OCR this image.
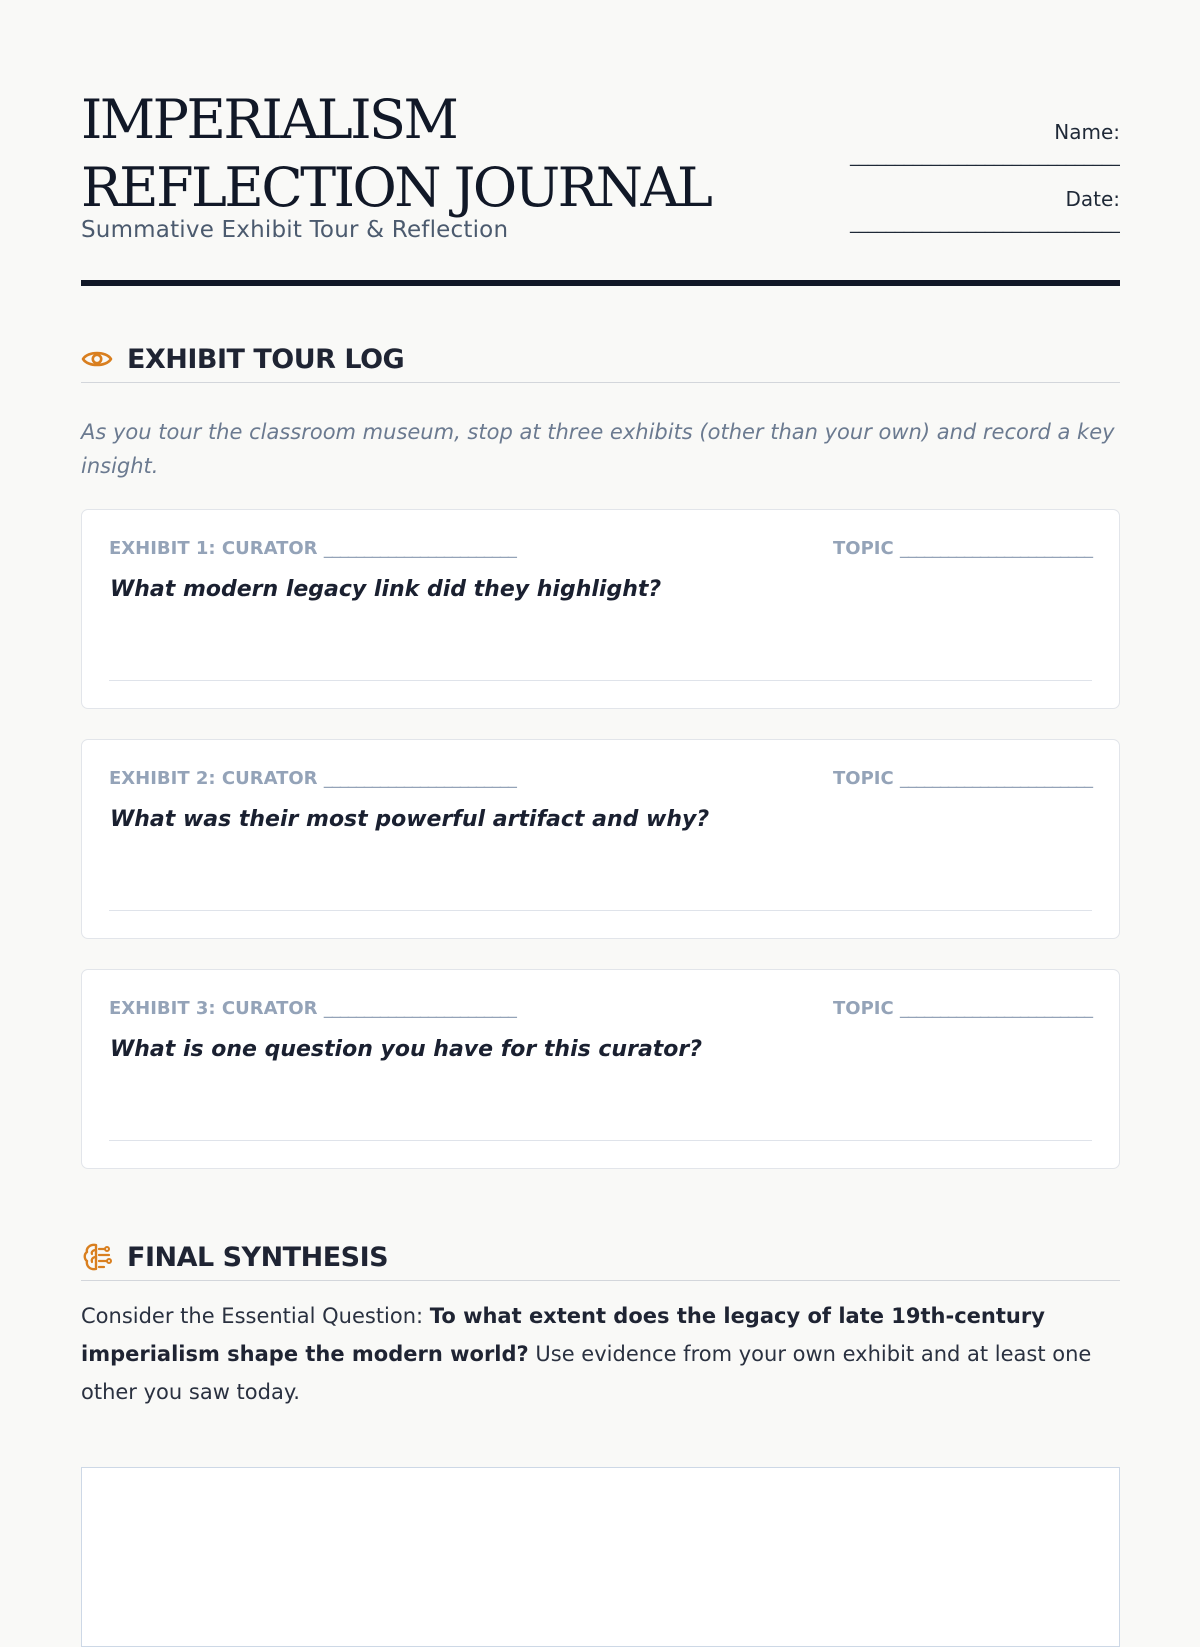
IMPERIALISM REFLECTION JOURNAL
Summative Exhibit Tour & Reflection
Name:
______________________________
Date:
______________________________
EXHIBIT TOUR LOG
As you tour the classroom museum, stop at three exhibits (other than your own) and record a key insight.
EXHIBIT 1: CURATOR ________________________	TOPIC ________________________
What modern legacy link did they highlight?
EXHIBIT 2: CURATOR ________________________	TOPIC ________________________
What was their most powerful artifact and why?
EXHIBIT 3: CURATOR ________________________	TOPIC ________________________
What is one question you have for this curator?
FINAL SYNTHESIS
Consider the Essential Question: To what extent does the legacy of late 19th-century imperialism shape the modern world? Use evidence from your own exhibit and at least one other you saw today.
